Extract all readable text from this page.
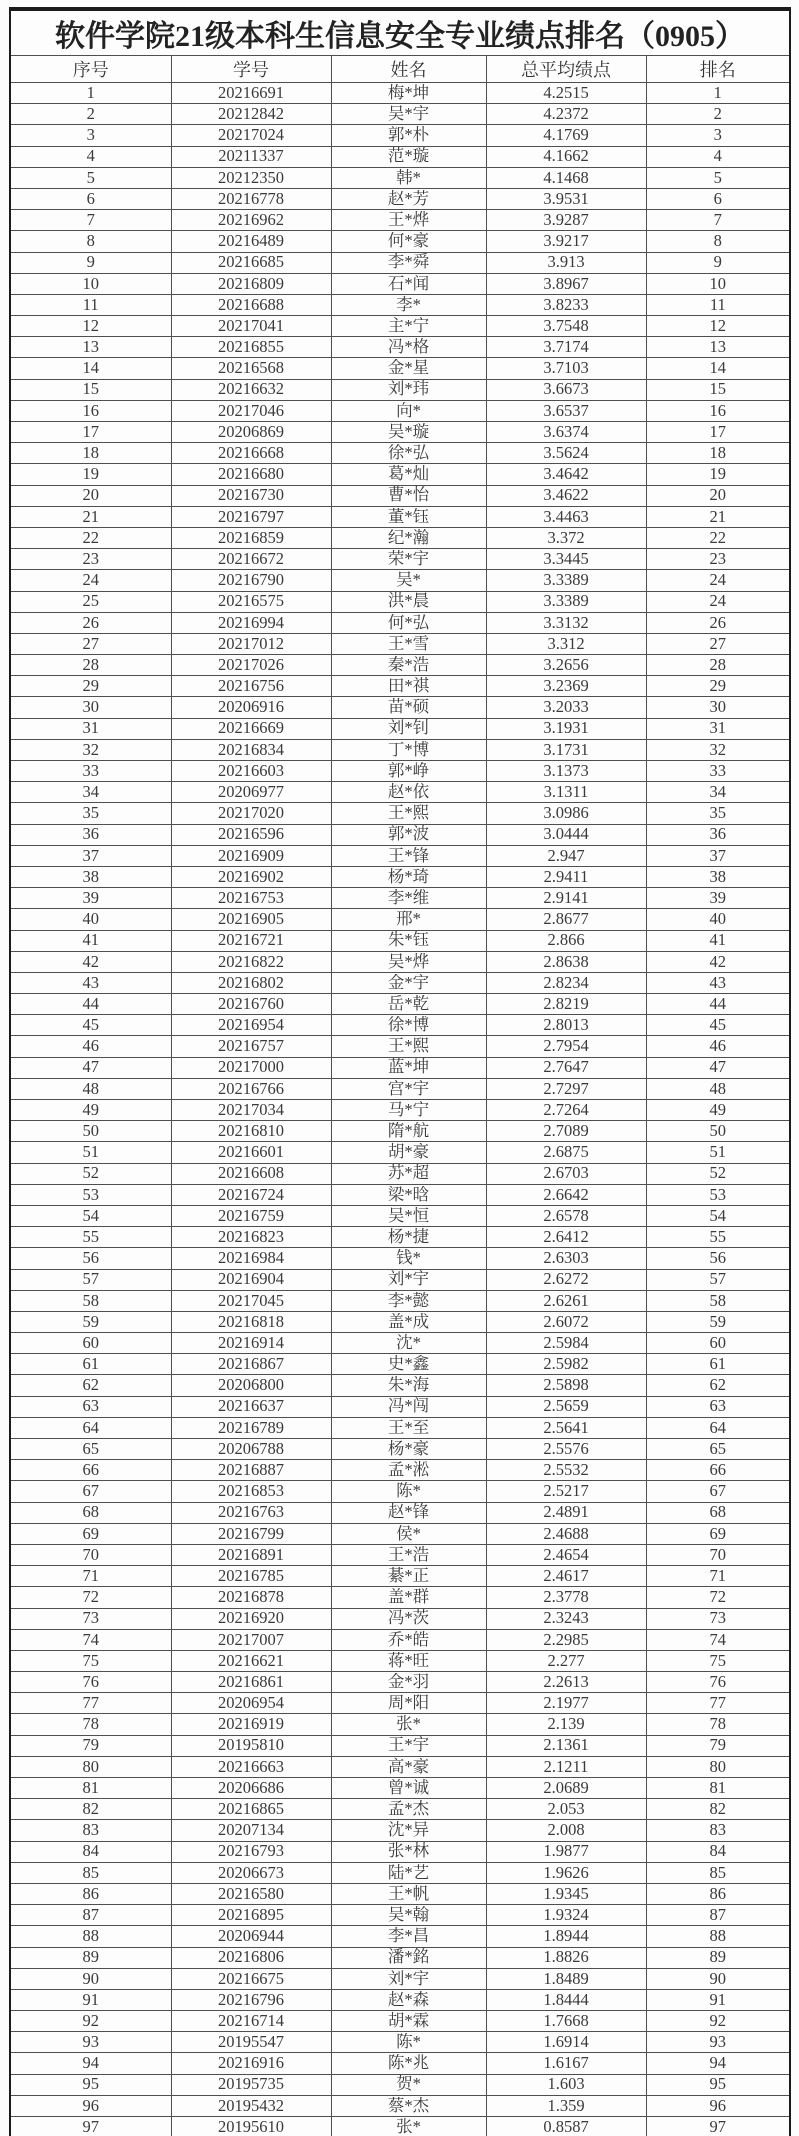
软件学院21级本科生信息安全专业绩点排名（0905）				
序号	学号	姓名	总平均绩点	排名
1	20216691	梅*坤	4.2515	1
2	20212842	吴*宇	4.2372	2
3	20217024	郭*朴	4.1769	3
4	20211337	范*璇	4.1662	4
5	20212350	韩*	4.1468	5
6	20216778	赵*芳	3.9531	6
7	20216962	王*烨	3.9287	7
8	20216489	何*豪	3.9217	8
9	20216685	李*舜	3.913	9
10	20216809	石*闻	3.8967	10
11	20216688	李*	3.8233	11
12	20217041	主*宁	3.7548	12
13	20216855	冯*格	3.7174	13
14	20216568	金*星	3.7103	14
15	20216632	刘*玮	3.6673	15
16	20217046	向*	3.6537	16
17	20206869	吴*璇	3.6374	17
18	20216668	徐*弘	3.5624	18
19	20216680	葛*灿	3.4642	19
20	20216730	曹*怡	3.4622	20
21	20216797	董*钰	3.4463	21
22	20216859	纪*瀚	3.372	22
23	20216672	荣*宇	3.3445	23
24	20216790	吴*	3.3389	24
25	20216575	洪*晨	3.3389	24
26	20216994	何*弘	3.3132	26
27	20217012	王*雪	3.312	27
28	20217026	秦*浩	3.2656	28
29	20216756	田*祺	3.2369	29
30	20206916	苗*硕	3.2033	30
31	20216669	刘*钊	3.1931	31
32	20216834	丁*博	3.1731	32
33	20216603	郭*峥	3.1373	33
34	20206977	赵*依	3.1311	34
35	20217020	王*熙	3.0986	35
36	20216596	郭*波	3.0444	36
37	20216909	王*锋	2.947	37
38	20216902	杨*琦	2.9411	38
39	20216753	李*维	2.9141	39
40	20216905	邢*	2.8677	40
41	20216721	朱*钰	2.866	41
42	20216822	吴*烨	2.8638	42
43	20216802	金*宇	2.8234	43
44	20216760	岳*乾	2.8219	44
45	20216954	徐*博	2.8013	45
46	20216757	王*熙	2.7954	46
47	20217000	蓝*坤	2.7647	47
48	20216766	宫*宇	2.7297	48
49	20217034	马*宁	2.7264	49
50	20216810	隋*航	2.7089	50
51	20216601	胡*豪	2.6875	51
52	20216608	苏*超	2.6703	52
53	20216724	梁*晗	2.6642	53
54	20216759	吴*恒	2.6578	54
55	20216823	杨*捷	2.6412	55
56	20216984	钱*	2.6303	56
57	20216904	刘*宇	2.6272	57
58	20217045	李*懿	2.6261	58
59	20216818	盖*成	2.6072	59
60	20216914	沈*	2.5984	60
61	20216867	史*鑫	2.5982	61
62	20206800	朱*海	2.5898	62
63	20216637	冯*闯	2.5659	63
64	20216789	王*至	2.5641	64
65	20206788	杨*豪	2.5576	65
66	20216887	孟*淞	2.5532	66
67	20216853	陈*	2.5217	67
68	20216763	赵*锋	2.4891	68
69	20216799	侯*	2.4688	69
70	20216891	王*浩	2.4654	70
71	20216785	綦*正	2.4617	71
72	20216878	盖*群	2.3778	72
73	20216920	冯*茨	2.3243	73
74	20217007	乔*皓	2.2985	74
75	20216621	蒋*旺	2.277	75
76	20216861	金*羽	2.2613	76
77	20206954	周*阳	2.1977	77
78	20216919	张*	2.139	78
79	20195810	王*宇	2.1361	79
80	20216663	高*豪	2.1211	80
81	20206686	曾*诚	2.0689	81
82	20216865	孟*杰	2.053	82
83	20207134	沈*异	2.008	83
84	20216793	张*林	1.9877	84
85	20206673	陆*艺	1.9626	85
86	20216580	王*帆	1.9345	86
87	20216895	吴*翰	1.9324	87
88	20206944	李*昌	1.8944	88
89	20216806	潘*銘	1.8826	89
90	20216675	刘*宇	1.8489	90
91	20216796	赵*森	1.8444	91
92	20216714	胡*霖	1.7668	92
93	20195547	陈*	1.6914	93
94	20216916	陈*兆	1.6167	94
95	20195735	贺*	1.603	95
96	20195432	蔡*杰	1.359	96
97	20195610	张*	0.8587	97
